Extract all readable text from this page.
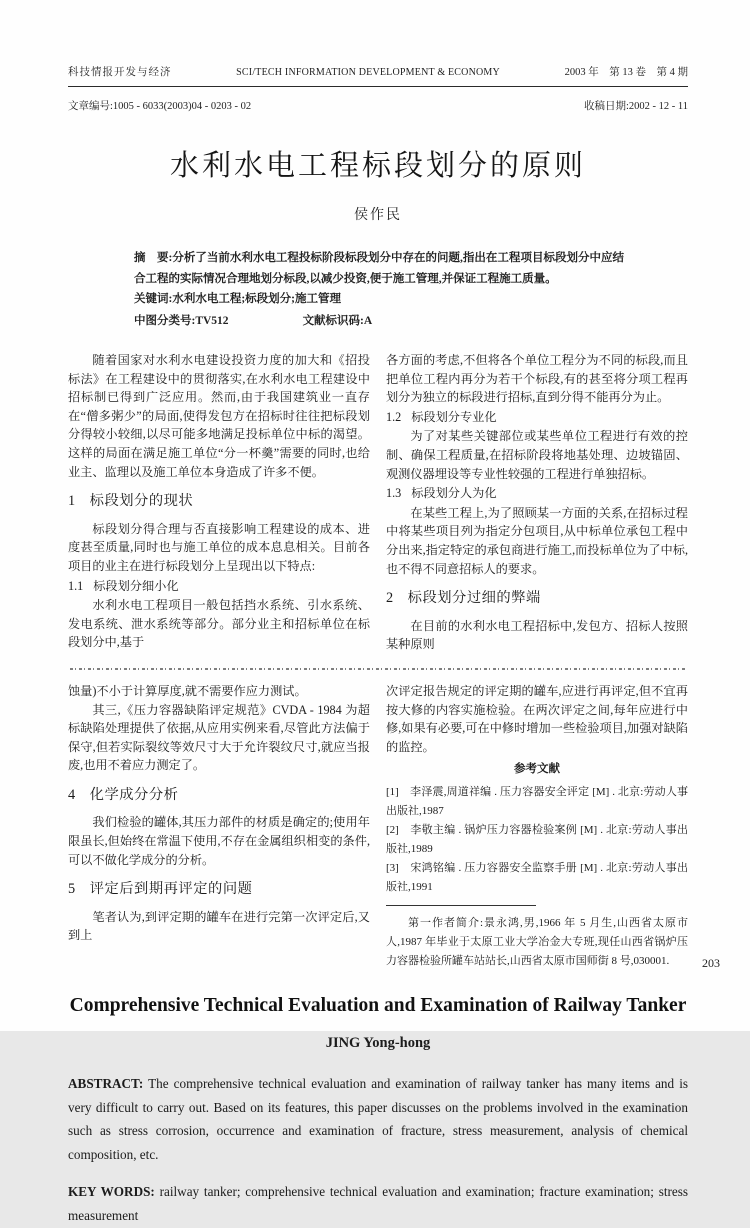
科技情报开发与经济	SCI/TECH INFORMATION DEVELOPMENT & ECONOMY	2003 年　第 13 卷　第 4 期
文章编号:1005 - 6033(2003)04 - 0203 - 02	收稿日期:2002 - 12 - 11
水利水电工程标段划分的原则
侯作民

摘　要:分析了当前水利水电工程投标阶段标段划分中存在的问题,指出在工程项目标段划分中应结合工程的实际情况合理地划分标段,以减少投资,便于施工管理,并保证工程施工质量。

关键词:水利水电工程;标段划分;施工管理

中图分类号:TV512	文献标识码:A

随着国家对水利水电建设投资力度的加大和《招投标法》在工程建设中的贯彻落实,在水利水电工程建设中招标制已得到广泛应用。然而,由于我国建筑业一直存在“僧多粥少”的局面,使得发包方在招标时往往把标段划分得较小较细,以尽可能多地满足投标单位中标的渴望。这样的局面在满足施工单位“分一杯羹”需要的同时,也给业主、监理以及施工单位本身造成了许多不便。

1 标段划分的现状

标段划分得合理与否直接影响工程建设的成本、进度甚至质量,同时也与施工单位的成本息息相关。目前各项目的业主在进行标段划分上呈现出以下特点:

1.1 标段划分细小化

水利水电工程项目一般包括挡水系统、引水系统、发电系统、泄水系统等部分。部分业主和招标单位在标段划分中,基于

各方面的考虑,不但将各个单位工程分为不同的标段,而且把单位工程内再分为若干个标段,有的甚至将分项工程再划分为独立的标段进行招标,直到分得不能再分为止。

1.2 标段划分专业化

为了对某些关键部位或某些单位工程进行有效的控制、确保工程质量,在招标阶段将地基处理、边坡锚固、观测仪器埋设等专业性较强的工程进行单独招标。

1.3 标段划分人为化

在某些工程上,为了照顾某一方面的关系,在招标过程中将某些项目列为指定分包项目,从中标单位承包工程中分出来,指定特定的承包商进行施工,而投标单位为了中标,也不得不同意招标人的要求。

2 标段划分过细的弊端

在目前的水利水电工程招标中,发包方、招标人按照某种原则

蚀量)不小于计算厚度,就不需要作应力测试。

其三,《压力容器缺陷评定规范》CVDA - 1984 为超标缺陷处理提供了依据,从应用实例来看,尽管此方法偏于保守,但若实际裂纹等效尺寸大于允许裂纹尺寸,就应当报废,也用不着应力测定了。

4 化学成分分析

我们检验的罐体,其压力部件的材质是确定的;使用年限虽长,但始终在常温下使用,不存在金属组织相变的条件,可以不做化学成分的分析。

5 评定后到期再评定的问题

笔者认为,到评定期的罐车在进行完第一次评定后,又到上

次评定报告规定的评定期的罐车,应进行再评定,但不宜再按大修的内容实施检验。在两次评定之间,每年应进行中修,如果有必要,可在中修时增加一些检验项目,加强对缺陷的监控。

参考文献

[1]　李泽震,周道祥编 . 压力容器安全评定 [M] . 北京:劳动人事出版社,1987

[2]　李敬主编 . 锅炉压力容器检验案例 [M] . 北京:劳动人事出版社,1989

[3]　宋鸿铭编 . 压力容器安全监察手册 [M] . 北京:劳动人事出版社,1991

第一作者简介:景永鸿,男,1966 年 5 月生,山西省太原市人,1987 年毕业于太原工业大学冶金大专班,现任山西省锅炉压力容器检验所罐车站站长,山西省太原市国师街 8 号,030001.

Comprehensive Technical Evaluation and Examination of Railway Tanker
JING Yong-hong

ABSTRACT: The comprehensive technical evaluation and examination of railway tanker has many items and is very difficult to carry out. Based on its features, this paper discusses on the problems involved in the examination such as stress corrosion, occurrence and examination of fracture, stress measurement, analysis of chemical composition, etc.

KEY WORDS: railway tanker; comprehensive technical evaluation and examination; fracture examination; stress measurement

203
